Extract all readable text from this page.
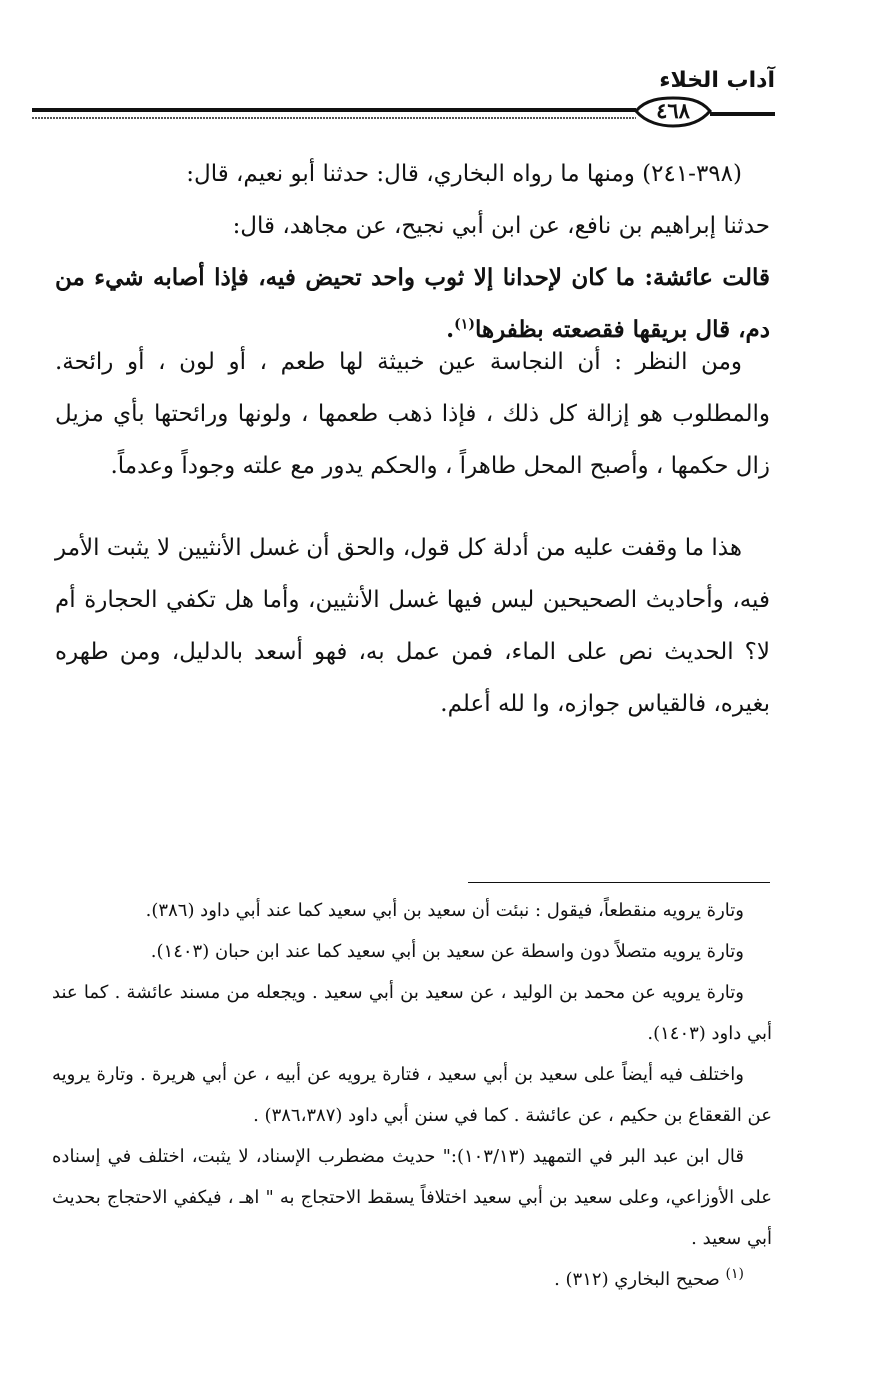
آداب الخلاء
٤٦٨

(٣٩٨-٢٤١) ومنها ما رواه البخاري، قال: حدثنا أبو نعيم، قال:

حدثنا إبراهيم بن نافع، عن ابن أبي نجيح، عن مجاهد، قال:

قالت عائشة: ما كان لإحدانا إلا ثوب واحد تحيض فيه، فإذا أصابه شيء من دم، قال بريقها فقصعته بظفرها$^{(١)}$.

ومن النظر : أن النجاسة عين خبيثة لها طعم ، أو لون ، أو رائحة. والمطلوب هو إزالة كل ذلك ، فإذا ذهب طعمها ، ولونها ورائحتها بأي مزيل زال حكمها ، وأصبح المحل طاهراً ، والحكم يدور مع علته وجوداً وعدماً.

هذا ما وقفت عليه من أدلة كل قول، والحق أن غسل الأنثيين لا يثبت الأمر فيه، وأحاديث الصحيحين ليس فيها غسل الأنثيين، وأما هل تكفي الحجارة أم لا؟ الحديث نص على الماء، فمن عمل به، فهو أسعد بالدليل، ومن طهره بغيره، فالقياس جوازه، وا لله أعلم.

وتارة يرويه منقطعاً، فيقول : نبئت أن سعيد بن أبي سعيد كما عند أبي داود (٣٨٦).

وتارة يرويه متصلاً دون واسطة عن سعيد بن أبي سعيد كما عند ابن حبان (١٤٠٣).

وتارة يرويه عن محمد بن الوليد ، عن سعيد بن أبي سعيد . ويجعله من مسند عائشة . كما عند أبي داود (١٤٠٣).

واختلف فيه أيضاً على سعيد بن أبي سعيد ، فتارة يرويه عن أبيه ، عن أبي هريرة . وتارة يرويه عن القعقاع بن حكيم ، عن عائشة . كما في سنن أبي داود (٣٨٦،٣٨٧) .

قال ابن عبد البر في التمهيد (١٠٣/١٣):" حديث مضطرب الإسناد، لا يثبت، اختلف في إسناده على الأوزاعي، وعلى سعيد بن أبي سعيد اختلافاً يسقط الاحتجاج به " اهـ ، فيكفي الاحتجاج بحديث أبي سعيد .

$^{(١)}$ صحيح البخاري (٣١٢) .
